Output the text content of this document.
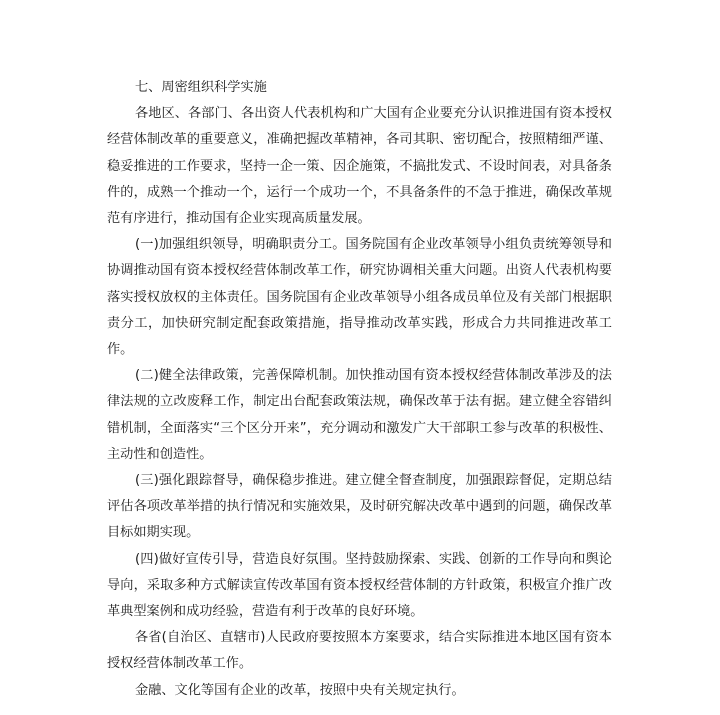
七、周密组织科学实施

各地区、各部门、各出资人代表机构和广大国有企业要充分认识推进国有资本授权经营体制改革的重要意义，准确把握改革精神，各司其职、密切配合，按照精细严谨、稳妥推进的工作要求，坚持一企一策、因企施策，不搞批发式、不设时间表，对具备条件的，成熟一个推动一个，运行一个成功一个，不具备条件的不急于推进，确保改革规范有序进行，推动国有企业实现高质量发展。

(一)加强组织领导，明确职责分工。国务院国有企业改革领导小组负责统筹领导和协调推动国有资本授权经营体制改革工作，研究协调相关重大问题。出资人代表机构要落实授权放权的主体责任。国务院国有企业改革领导小组各成员单位及有关部门根据职责分工，加快研究制定配套政策措施，指导推动改革实践，形成合力共同推进改革工作。

(二)健全法律政策，完善保障机制。加快推动国有资本授权经营体制改革涉及的法律法规的立改废释工作，制定出台配套政策法规，确保改革于法有据。建立健全容错纠错机制，全面落实“三个区分开来”，充分调动和激发广大干部职工参与改革的积极性、主动性和创造性。

(三)强化跟踪督导，确保稳步推进。建立健全督查制度，加强跟踪督促，定期总结评估各项改革举措的执行情况和实施效果，及时研究解决改革中遇到的问题，确保改革目标如期实现。

(四)做好宣传引导，营造良好氛围。坚持鼓励探索、实践、创新的工作导向和舆论导向，采取多种方式解读宣传改革国有资本授权经营体制的方针政策，积极宣介推广改革典型案例和成功经验，营造有利于改革的良好环境。

各省(自治区、直辖市)人民政府要按照本方案要求，结合实际推进本地区国有资本授权经营体制改革工作。

金融、文化等国有企业的改革，按照中央有关规定执行。
